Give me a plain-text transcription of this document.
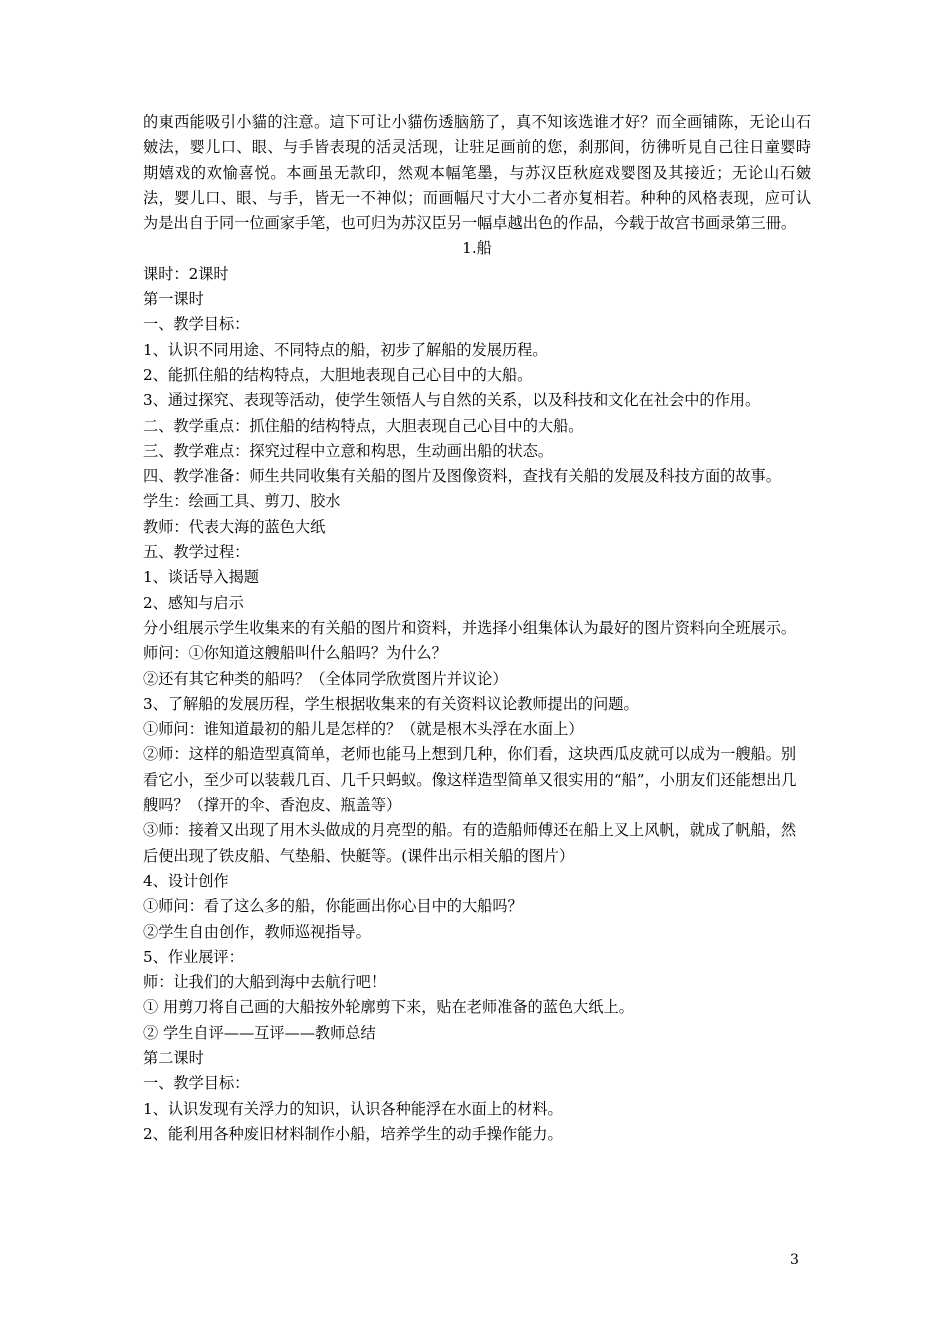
的東西能吸引小貓的注意。這下可让小貓伤透脑筋了，真不知该选谁才好？而全画铺陈，无论山石皴法，婴儿口、眼、与手皆表現的活灵活现，让驻足画前的您，刹那间，彷彿听見自己往日童婴時期嬉戏的欢愉喜悦。本画虽无款印，然观本幅笔墨，与苏汉臣秋庭戏婴图及其接近；无论山石皴法，婴儿口、眼、与手，皆无一不神似；而画幅尺寸大小二者亦复相若。种种的风格表现，应可认为是出自于同一位画家手笔，也可归为苏汉臣另一幅卓越出色的作品，今载于故宫书画录第三冊。

1.船

课时：2课时

第一课时

一、教学目标：

1、认识不同用途、不同特点的船，初步了解船的发展历程。

2、能抓住船的结构特点，大胆地表现自己心目中的大船。

3、通过探究、表现等活动，使学生领悟人与自然的关系，以及科技和文化在社会中的作用。

二、教学重点：抓住船的结构特点，大胆表现自己心目中的大船。

三、教学难点：探究过程中立意和构思，生动画出船的状态。

四、教学准备：师生共同收集有关船的图片及图像资料，查找有关船的发展及科技方面的故事。

学生：绘画工具、剪刀、胶水

教师：代表大海的蓝色大纸

五、教学过程：

1、谈话导入揭题

2、感知与启示

分小组展示学生收集来的有关船的图片和资料，并选择小组集体认为最好的图片资料向全班展示。

师问：①你知道这艘船叫什么船吗？为什么？

②还有其它种类的船吗？（全体同学欣赏图片并议论）

3、了解船的发展历程，学生根据收集来的有关资料议论教师提出的问题。

①师问：谁知道最初的船儿是怎样的？（就是根木头浮在水面上）

②师：这样的船造型真简单，老师也能马上想到几种，你们看，这块西瓜皮就可以成为一艘船。别看它小，至少可以装载几百、几千只蚂蚁。像这样造型简单又很实用的“船”，小朋友们还能想出几艘吗？（撑开的伞、香泡皮、瓶盖等）

③师：接着又出现了用木头做成的月亮型的船。有的造船师傅还在船上叉上风帆，就成了帆船，然后便出现了铁皮船、气垫船、快艇等。(课件出示相关船的图片）

4、设计创作

①师问：看了这么多的船，你能画出你心目中的大船吗？

②学生自由创作，教师巡视指导。

5、作业展评：

师：让我们的大船到海中去航行吧！

① 用剪刀将自己画的大船按外轮廓剪下来，贴在老师准备的蓝色大纸上。

② 学生自评——互评——教师总结

第二课时

一、教学目标：

1、认识发现有关浮力的知识，认识各种能浮在水面上的材料。

2、能利用各种废旧材料制作小船，培养学生的动手操作能力。

3
